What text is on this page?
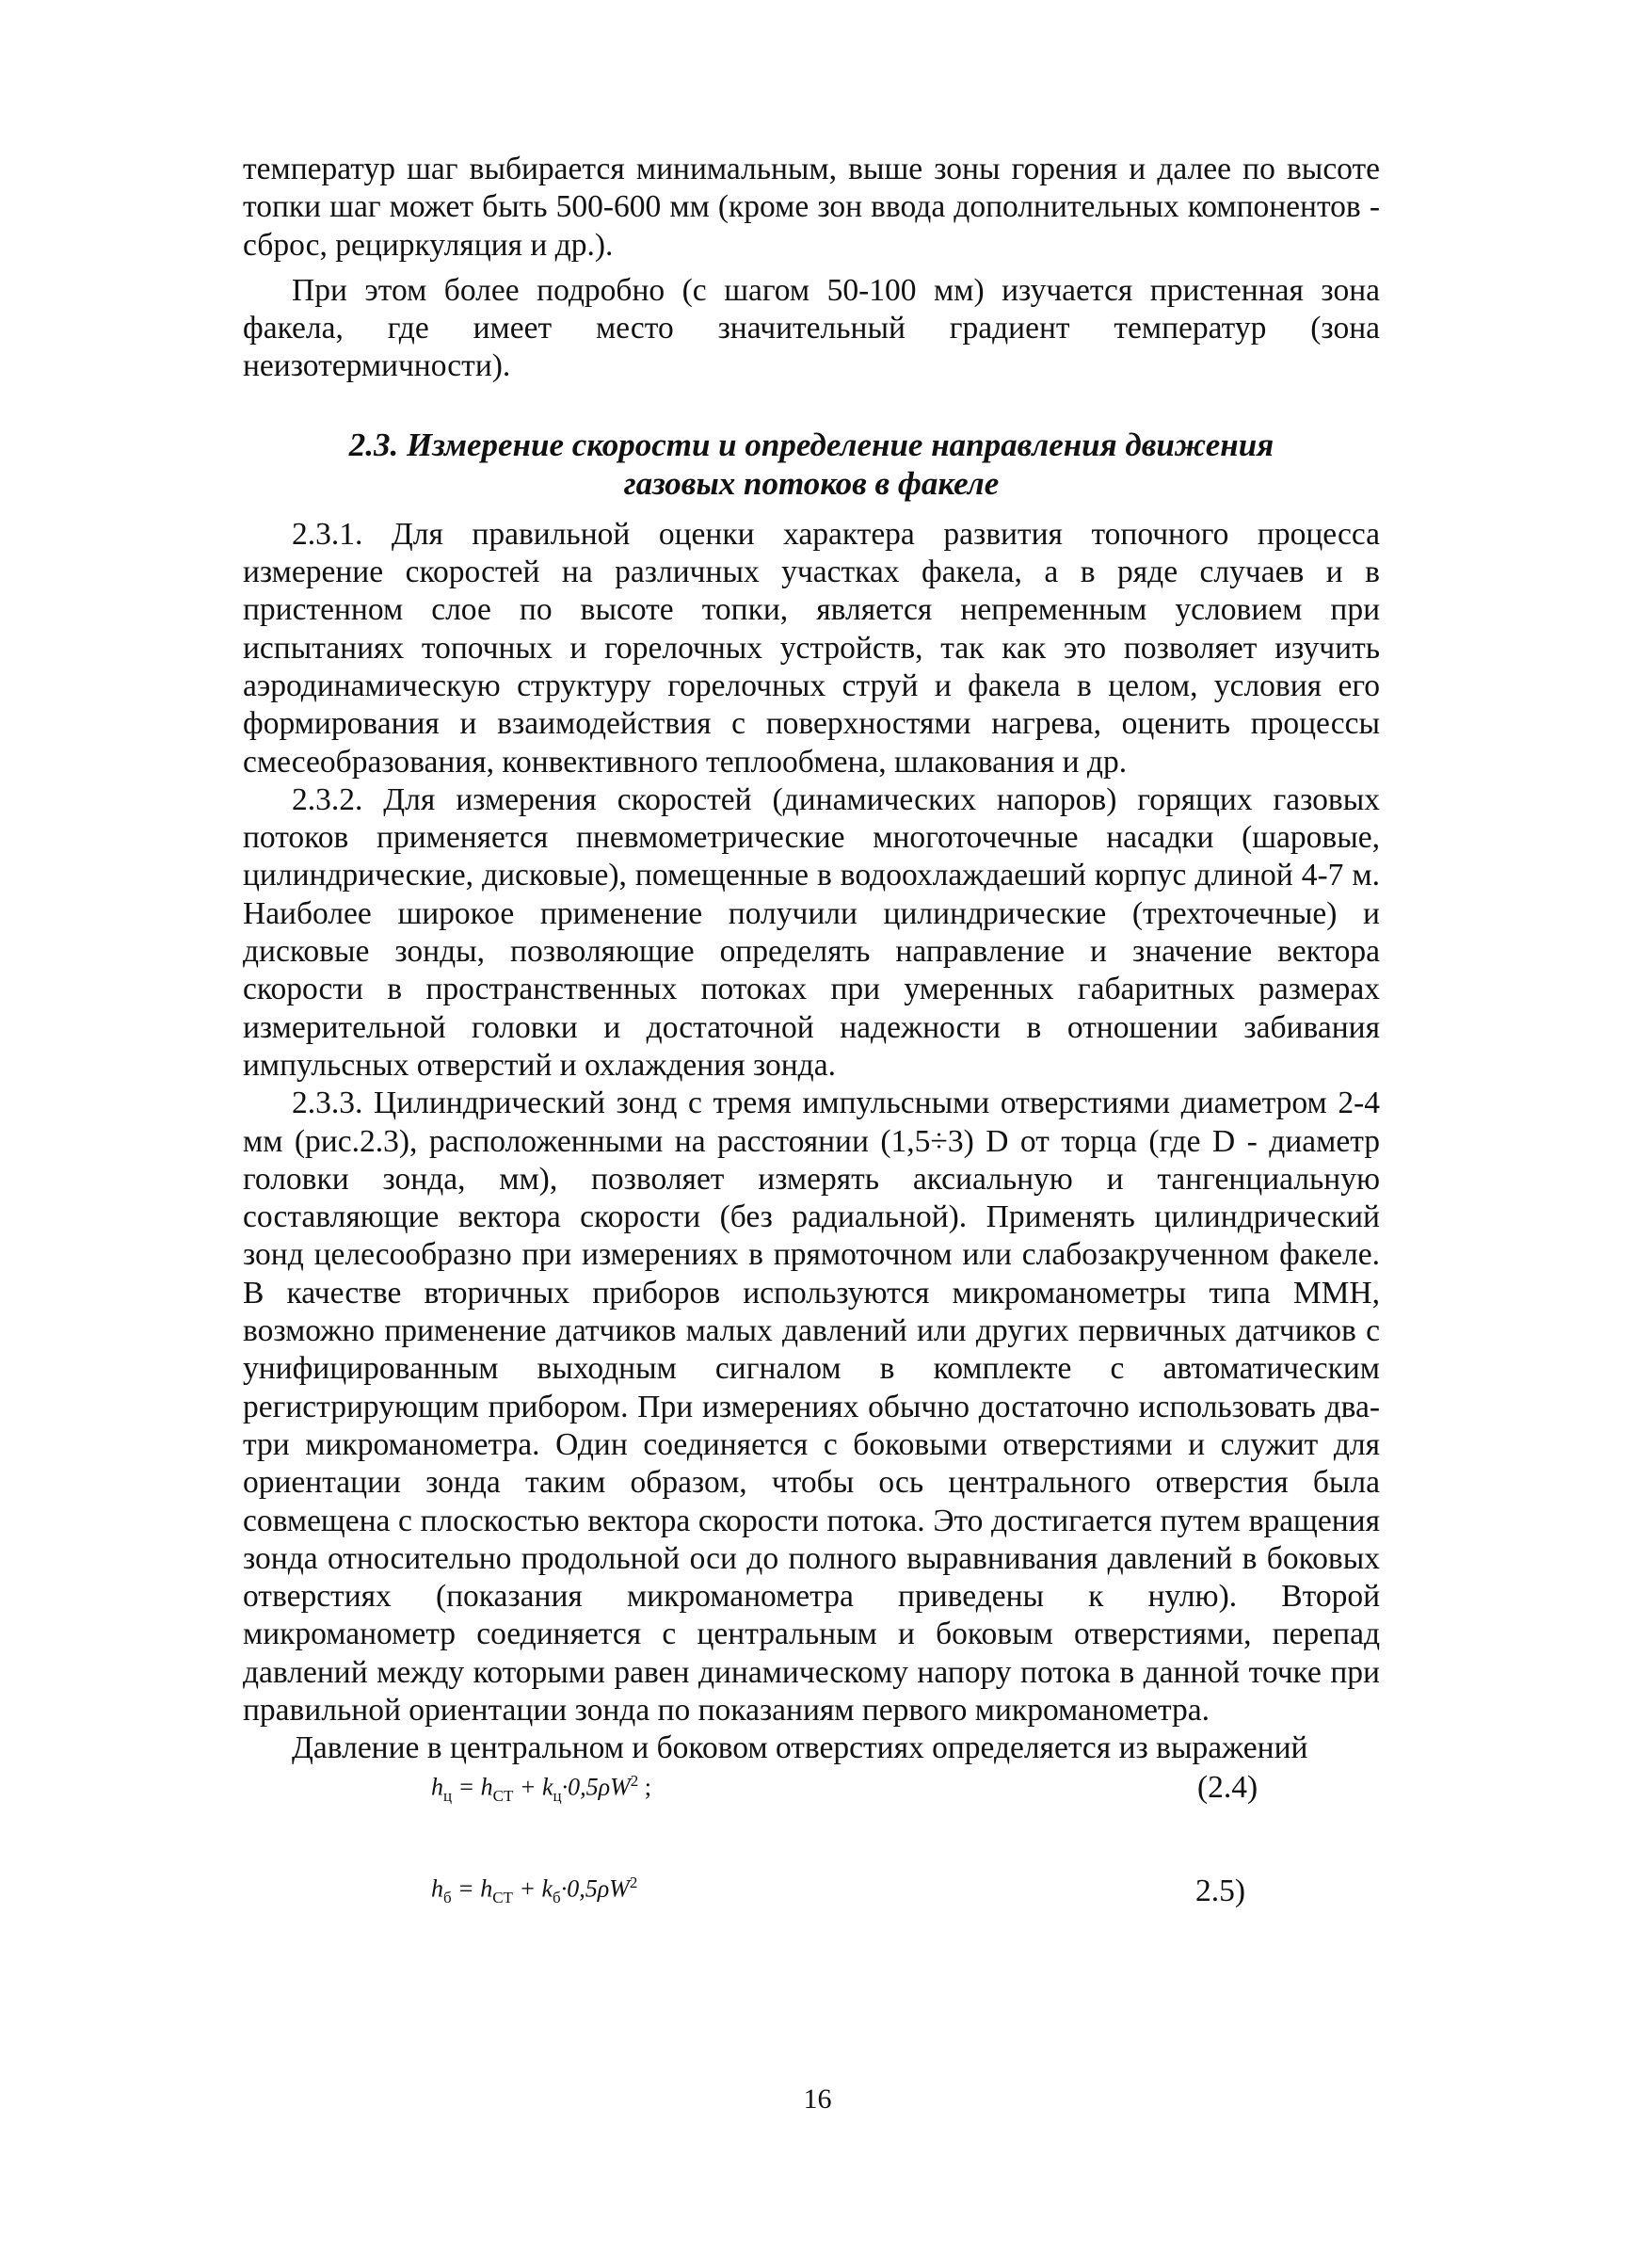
температур шаг выбирается минимальным, выше зоны горения и далее по высоте топки шаг может быть 500-600 мм (кроме зон ввода дополнительных компонентов - сброс, рециркуляция и др.).

При этом более подробно (с шагом 50-100 мм) изучается пристенная зона факела, где имеет место значительный градиент температур (зона неизотермичности).

2.3. Измерение скорости и определение направления движения
газовых потоков в факеле

2.3.1. Для правильной оценки характера развития топочного процесса измерение скоростей на различных участках факела, а в ряде случаев и в пристенном слое по высоте топки, является непременным условием при испытаниях топочных и горелочных устройств, так как это позволяет изучить аэродинамическую структуру горелочных струй и факела в целом, условия его формирования и взаимодействия с поверхностями нагрева, оценить процессы смесеобразования, конвективного теплообмена, шлакования и др.

2.3.2. Для измерения скоростей (динамических напоров) горящих газовых потоков применяется пневмометрические многоточечные насадки (шаровые, цилиндрические, дисковые), помещенные в водоохлаждаеший корпус длиной 4-7 м. Наиболее широкое применение получили цилиндрические (трехточечные) и дисковые зонды, позволяющие определять направление и значение вектора скорости в пространственных потоках при умеренных габаритных размерах измерительной головки и достаточной надежности в отношении забивания импульсных отверстий и охлаждения зонда.

2.3.3. Цилиндрический зонд с тремя импульсными отверстиями диаметром 2-4 мм (рис.2.3), расположенными на расстоянии (1,5÷3) D от торца (где D - диаметр головки зонда, мм), позволяет измерять аксиальную и тангенциальную составляющие вектора скорости (без радиальной). Применять цилиндрический зонд целесообразно при измерениях в прямоточном или слабозакрученном факеле. В качестве вторичных приборов используются микроманометры типа ММН, возможно применение датчиков малых давлений или других первичных датчиков с унифицированным выходным сигналом в комплекте с автоматическим регистрирующим прибором. При измерениях обычно достаточно использовать два-три микроманометра. Один соединяется с боковыми отверстиями и служит для ориентации зонда таким образом, чтобы ось центрального отверстия была совмещена с плоскостью вектора скорости потока. Это достигается путем вращения зонда относительно продольной оси до полного выравнивания давлений в боковых отверстиях (показания микроманометра приведены к нулю). Второй микроманометр соединяется с центральным и боковым отверстиями, перепад давлений между которыми равен динамическому напору потока в данной точке при правильной ориентации зонда по показаниям первого микроманометра.

Давление в центральном и боковом отверстиях определяется из выражений

$h_ц = h_{СТ} + k_ц\cdot 0,5\rho W^2$ ;	(2.4)
$h_б = h_{СТ} + k_б\cdot 0,5\rho W^2$	2.5)
16
